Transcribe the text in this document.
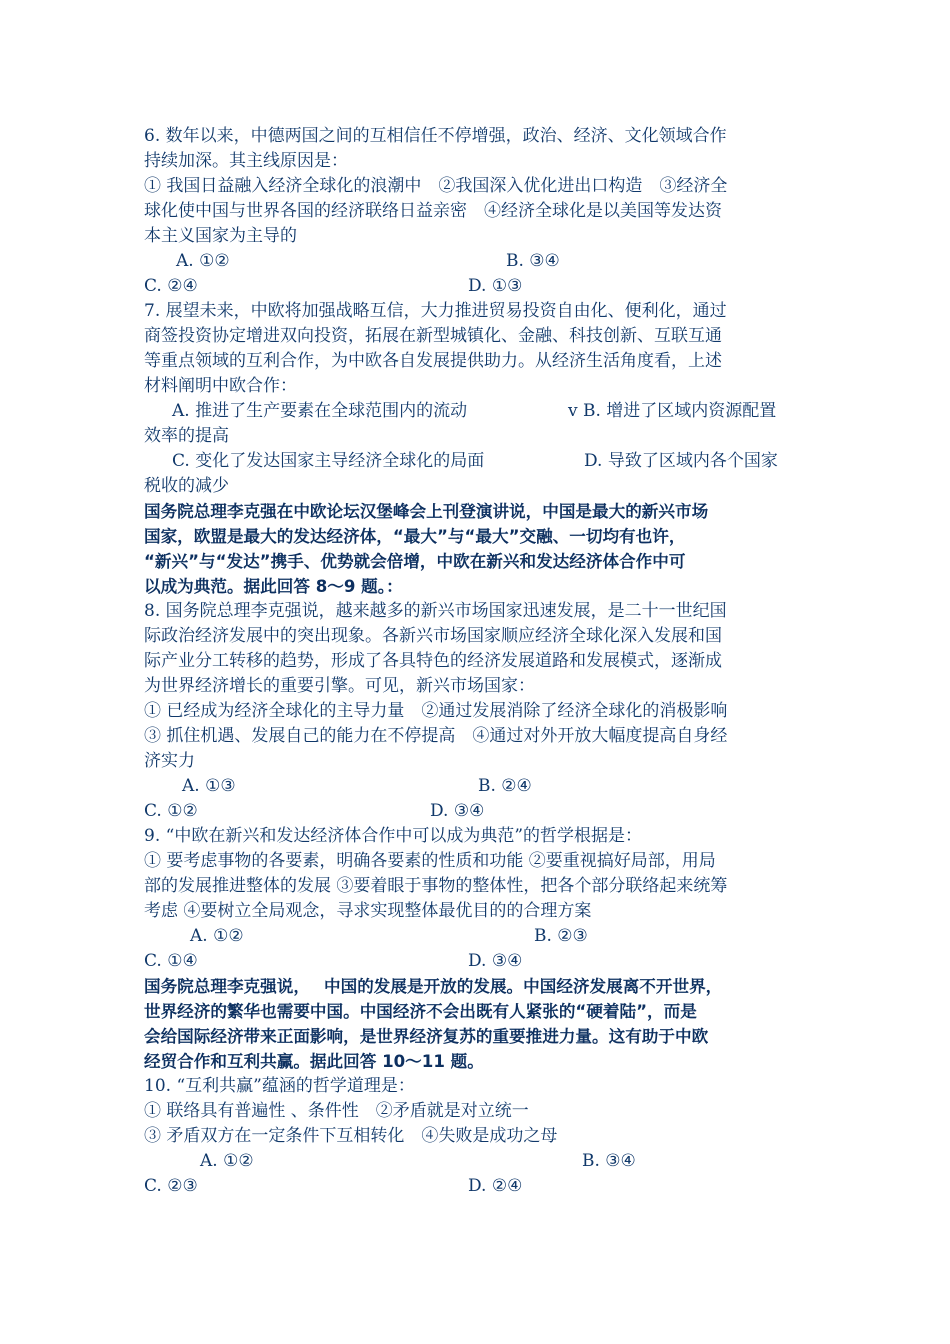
6. 数年以来，中德两国之间的互相信任不停增强，政治、经济、文化领域合作
持续加深。其主线原因是：
① 我国日益融入经济全球化的浪潮中　②我国深入优化进出口构造　③经济全
球化使中国与世界各国的经济联络日益亲密　④经济全球化是以美国等发达资
本主义国家为主导的
A. ①②	B. ③④
C. ②④	D. ①③
7. 展望未来，中欧将加强战略互信，大力推进贸易投资自由化、便利化，通过
商签投资协定增进双向投资，拓展在新型城镇化、金融、科技创新、互联互通
等重点领域的互利合作，为中欧各自发展提供助力。从经济生活角度看，上述
材料阐明中欧合作：
A. 推进了生产要素在全球范围内的流动	v B. 增进了区域内资源配置
效率的提高
C. 变化了发达国家主导经济全球化的局面	D. 导致了区域内各个国家
税收的减少
国务院总理李克强在中欧论坛汉堡峰会上刊登演讲说，中国是最大的新兴市场
国家，欧盟是最大的发达经济体，“最大”与“最大”交融、一切均有也许，
“新兴”与“发达”携手、优势就会倍增，中欧在新兴和发达经济体合作中可
以成为典范。据此回答 8～9 题。：
8. 国务院总理李克强说，越来越多的新兴市场国家迅速发展，是二十一世纪国
际政治经济发展中的突出现象。各新兴市场国家顺应经济全球化深入发展和国
际产业分工转移的趋势，形成了各具特色的经济发展道路和发展模式，逐渐成
为世界经济增长的重要引擎。可见，新兴市场国家：
① 已经成为经济全球化的主导力量　②通过发展消除了经济全球化的消极影响
③ 抓住机遇、发展自己的能力在不停提高　④通过对外开放大幅度提高自身经
济实力
A. ①③	B. ②④
C. ①②	D. ③④
9. “中欧在新兴和发达经济体合作中可以成为典范”的哲学根据是：
① 要考虑事物的各要素，明确各要素的性质和功能 ②要重视搞好局部，用局
部的发展推进整体的发展 ③要着眼于事物的整体性，把各个部分联络起来统筹
考虑 ④要树立全局观念，寻求实现整体最优目的的合理方案
A. ①②	B. ②③
C. ①④	D. ③④
国务院总理李克强说，　 中国的发展是开放的发展。中国经济发展离不开世界，
世界经济的繁华也需要中国。中国经济不会出既有人紧张的“硬着陆”，而是
会给国际经济带来正面影响，是世界经济复苏的重要推进力量。这有助于中欧
经贸合作和互利共赢。据此回答 10～11 题。
10. “互利共赢”蕴涵的哲学道理是：
① 联络具有普遍性 、条件性　②矛盾就是对立统一
③ 矛盾双方在一定条件下互相转化　④失败是成功之母
A. ①②	B. ③④
C. ②③	D. ②④
